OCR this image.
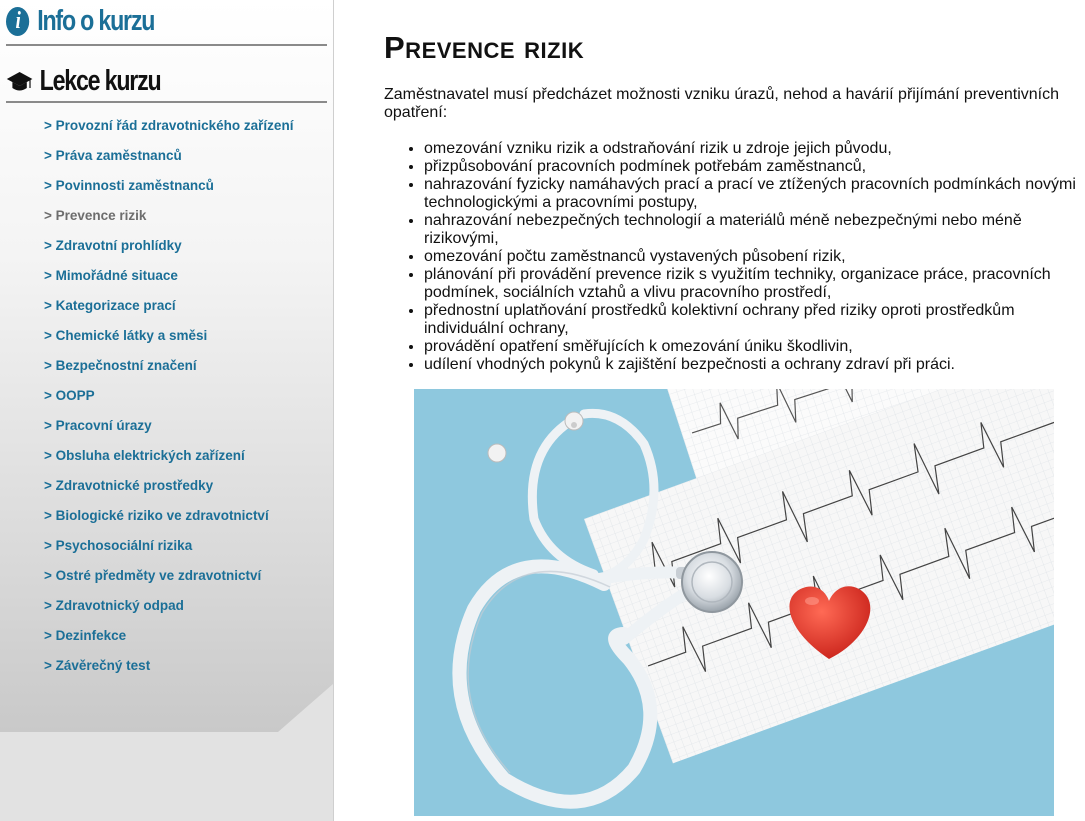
i Info o kurzu
Lekce kurzu
> Provozní řád zdravotnického zařízení
> Práva zaměstnanců
> Povinnosti zaměstnanců
> Prevence rizik
> Zdravotní prohlídky
> Mimořádné situace
> Kategorizace prací
> Chemické látky a směsi
> Bezpečnostní značení
> OOPP
> Pracovní úrazy
> Obsluha elektrických zařízení
> Zdravotnické prostředky
> Biologické riziko ve zdravotnictví
> Psychosociální rizika
> Ostré předměty ve zdravotnictví
> Zdravotnický odpad
> Dezinfekce
> Závěrečný test
Prevence rizik

Zaměstnavatel musí předcházet možnosti vzniku úrazů, nehod a havárií přijímání preventivních opatření:

• omezování vzniku rizik a odstraňování rizik u zdroje jejich původu,
• přizpůsobování pracovních podmínek potřebám zaměstnanců,
• nahrazování fyzicky namáhavých prací a prací ve ztížených pracovních podmínkách novými technologickými a pracovními postupy,
• nahrazování nebezpečných technologií a materiálů méně nebezpečnými nebo méně rizikovými,
• omezování počtu zaměstnanců vystavených působení rizik,
• plánování při provádění prevence rizik s využitím techniky, organizace práce, pracovních podmínek, sociálních vztahů a vlivu pracovního prostředí,
• přednostní uplatňování prostředků kolektivní ochrany před riziky oproti prostředkům individuální ochrany,
• provádění opatření směřujících k omezování úniku škodlivin,
• udílení vhodných pokynů k zajištění bezpečnosti a ochrany zdraví při práci.
